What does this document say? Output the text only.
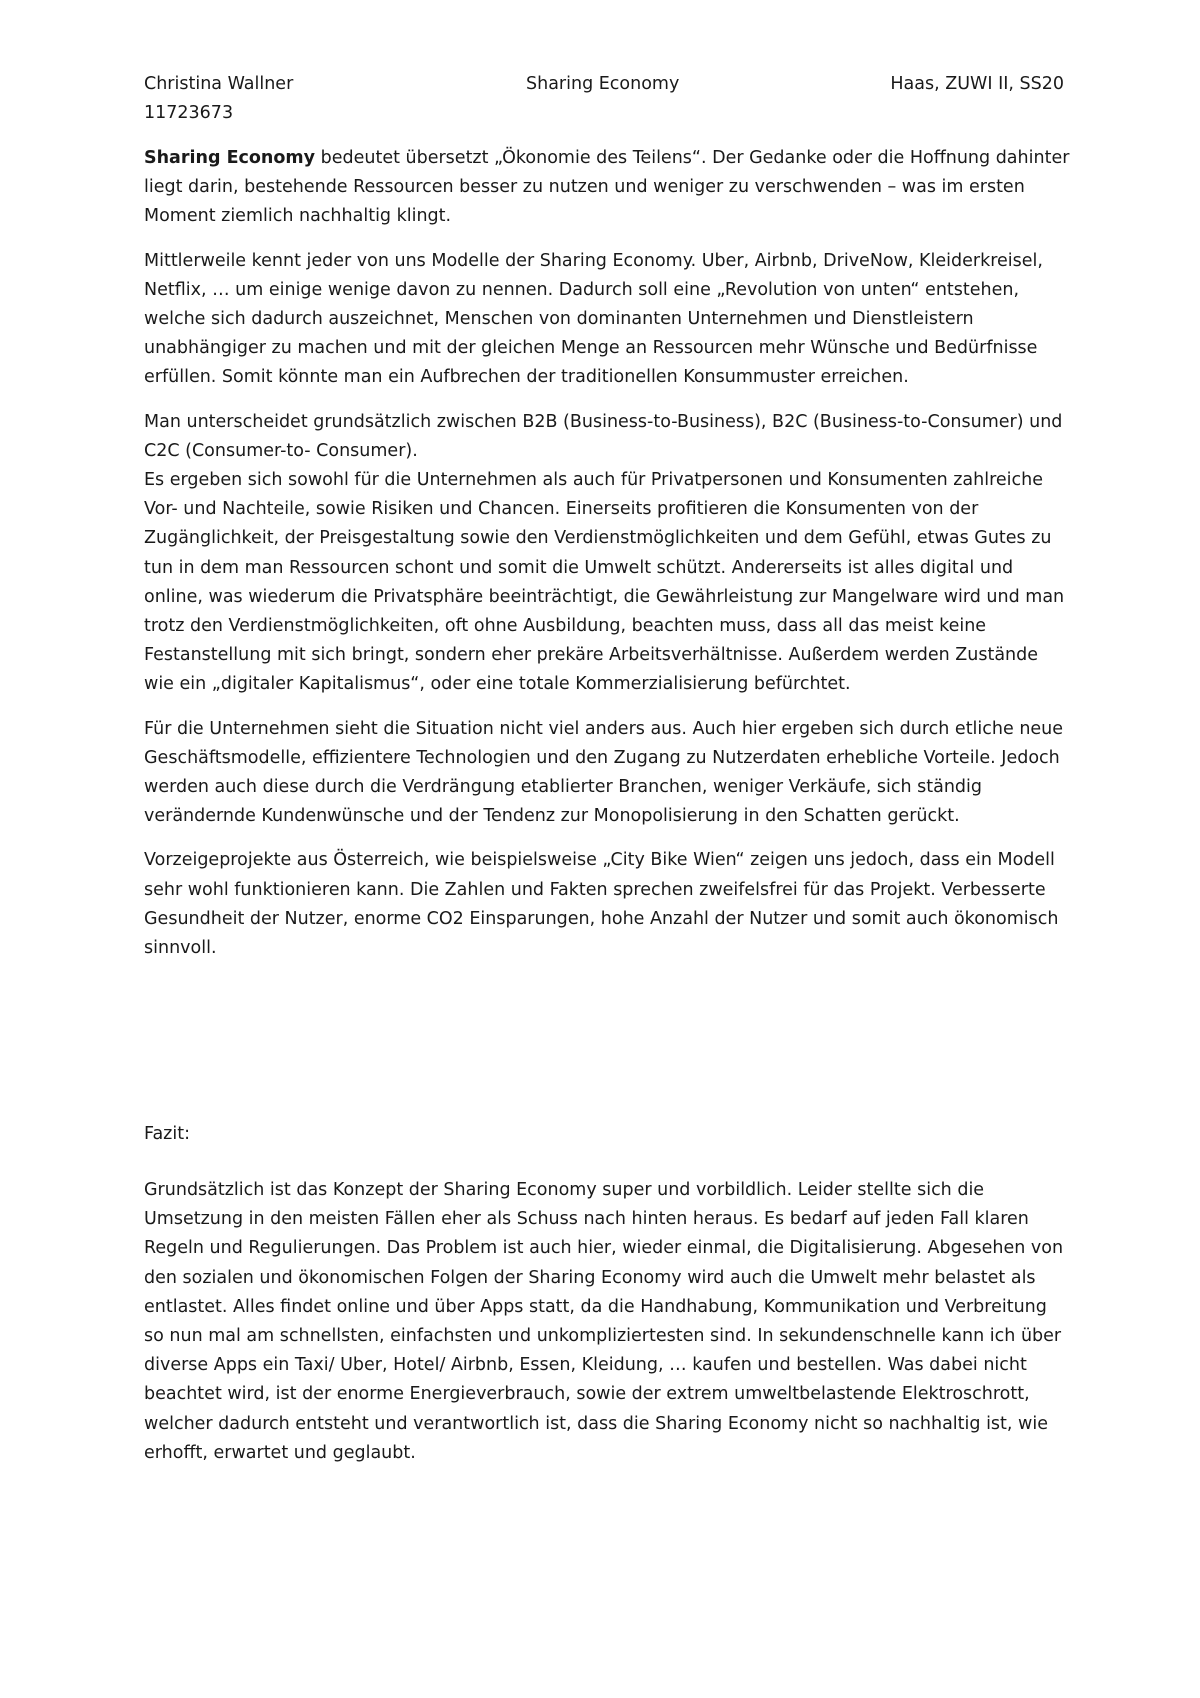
Christina Wallner
11723673
Sharing Economy	Haas, ZUWI II, SS20

Sharing Economy bedeutet übersetzt „Ökonomie des Teilens“. Der Gedanke oder die Hoffnung dahinter liegt darin, bestehende Ressourcen besser zu nutzen und weniger zu verschwenden – was im ersten Moment ziemlich nachhaltig klingt.

Mittlerweile kennt jeder von uns Modelle der Sharing Economy. Uber, Airbnb, DriveNow, Kleiderkreisel, Netflix, … um einige wenige davon zu nennen. Dadurch soll eine „Revolution von unten“ entstehen, welche sich dadurch auszeichnet, Menschen von dominanten Unternehmen und Dienstleistern unabhängiger zu machen und mit der gleichen Menge an Ressourcen mehr Wünsche und Bedürfnisse erfüllen. Somit könnte man ein Aufbrechen der traditionellen Konsummuster erreichen.

Man unterscheidet grundsätzlich zwischen B2B (Business-to-Business), B2C (Business-to-Consumer) und C2C (Consumer-to- Consumer).

Es ergeben sich sowohl für die Unternehmen als auch für Privatpersonen und Konsumenten zahlreiche Vor- und Nachteile, sowie Risiken und Chancen. Einerseits profitieren die Konsumenten von der Zugänglichkeit, der Preisgestaltung sowie den Verdienstmöglichkeiten und dem Gefühl, etwas Gutes zu tun in dem man Ressourcen schont und somit die Umwelt schützt. Andererseits ist alles digital und online, was wiederum die Privatsphäre beeinträchtigt, die Gewährleistung zur Mangelware wird und man trotz den Verdienstmöglichkeiten, oft ohne Ausbildung, beachten muss, dass all das meist keine Festanstellung mit sich bringt, sondern eher prekäre Arbeitsverhältnisse. Außerdem werden Zustände wie ein „digitaler Kapitalismus“, oder eine totale Kommerzialisierung befürchtet.

Für die Unternehmen sieht die Situation nicht viel anders aus. Auch hier ergeben sich durch etliche neue Geschäftsmodelle, effizientere Technologien und den Zugang zu Nutzerdaten erhebliche Vorteile. Jedoch werden auch diese durch die Verdrängung etablierter Branchen, weniger Verkäufe, sich ständig verändernde Kundenwünsche und der Tendenz zur Monopolisierung in den Schatten gerückt.

Vorzeigeprojekte aus Österreich, wie beispielsweise „City Bike Wien“ zeigen uns jedoch, dass ein Modell sehr wohl funktionieren kann. Die Zahlen und Fakten sprechen zweifelsfrei für das Projekt. Verbesserte Gesundheit der Nutzer, enorme CO2 Einsparungen, hohe Anzahl der Nutzer und somit auch ökonomisch sinnvoll.

Fazit:

Grundsätzlich ist das Konzept der Sharing Economy super und vorbildlich. Leider stellte sich die Umsetzung in den meisten Fällen eher als Schuss nach hinten heraus. Es bedarf auf jeden Fall klaren Regeln und Regulierungen. Das Problem ist auch hier, wieder einmal, die Digitalisierung. Abgesehen von den sozialen und ökonomischen Folgen der Sharing Economy wird auch die Umwelt mehr belastet als entlastet. Alles findet online und über Apps statt, da die Handhabung, Kommunikation und Verbreitung so nun mal am schnellsten, einfachsten und unkompliziertesten sind. In sekundenschnelle kann ich über diverse Apps ein Taxi/ Uber, Hotel/ Airbnb, Essen, Kleidung, … kaufen und bestellen. Was dabei nicht beachtet wird, ist der enorme Energieverbrauch, sowie der extrem umweltbelastende Elektroschrott, welcher dadurch entsteht und verantwortlich ist, dass die Sharing Economy nicht so nachhaltig ist, wie erhofft, erwartet und geglaubt.
